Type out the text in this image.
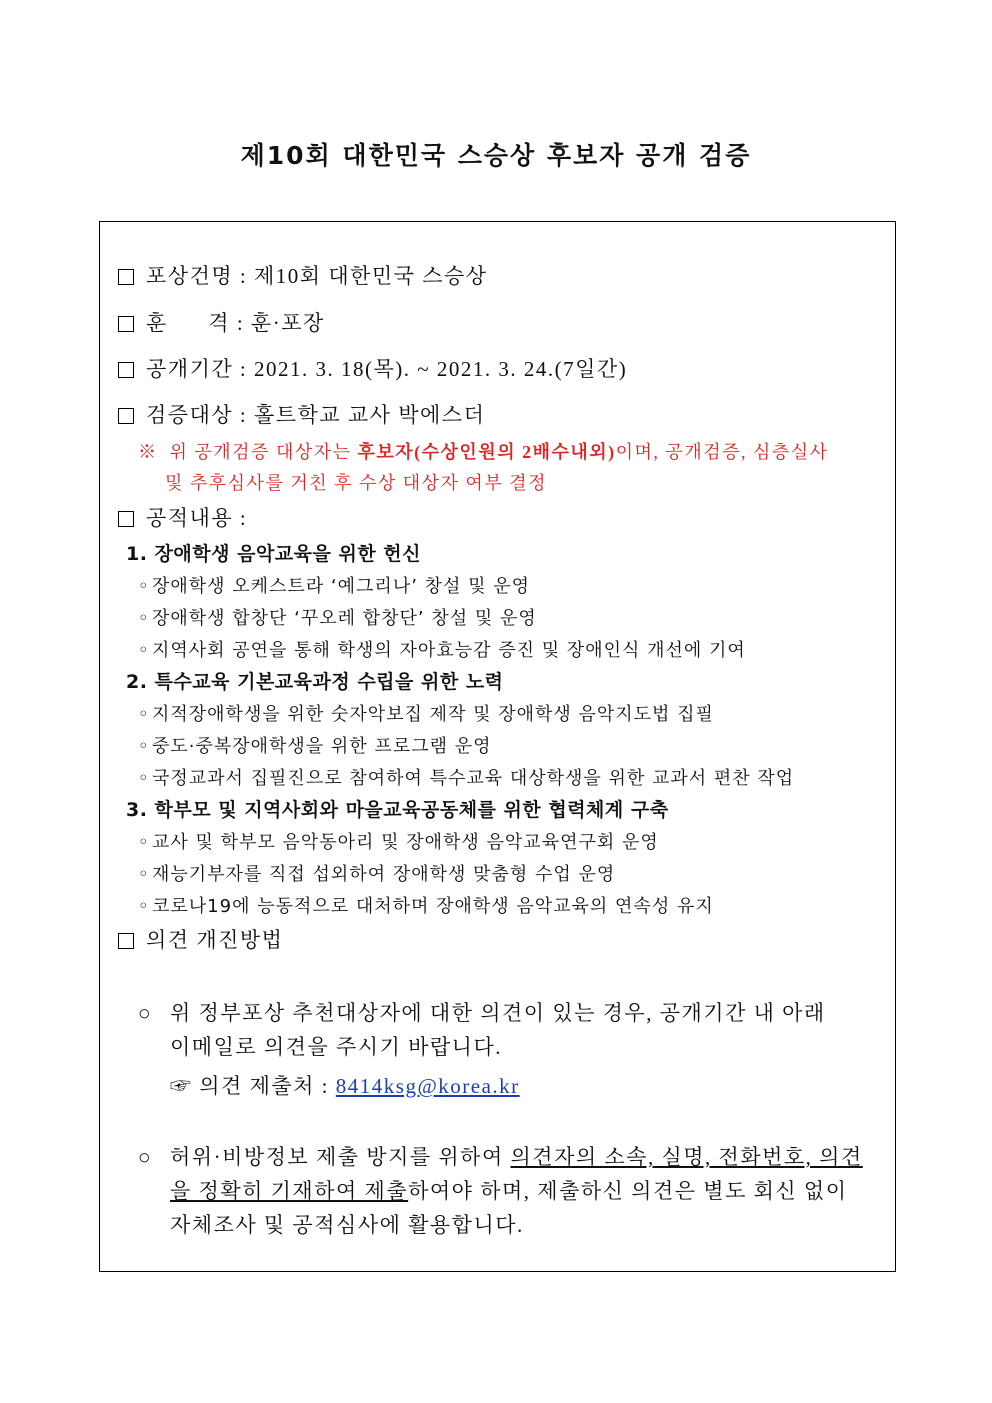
제10회 대한민국 스승상 후보자 공개 검증
포상건명 : 제10회 대한민국 스승상
훈      격 : 훈·포장
공개기간 : 2021. 3. 18(목). ~ 2021. 3. 24.(7일간)
검증대상 : 홀트학교 교사 박에스더
※ 위 공개검증 대상자는 후보자(수상인원의 2배수내외)이며, 공개검증, 심층실사
및 추후심사를 거친 후 수상 대상자 여부 결정
공적내용 :
1. 장애학생 음악교육을 위한 헌신
◦ 장애학생 오케스트라 ‘예그리나’ 창설 및 운영
◦ 장애학생 합창단 ‘꾸오레 합창단’ 창설 및 운영
◦ 지역사회 공연을 통해 학생의 자아효능감 증진 및 장애인식 개선에 기여
2. 특수교육 기본교육과정 수립을 위한 노력
◦ 지적장애학생을 위한 숫자악보집 제작 및 장애학생 음악지도법 집필
◦ 중도·중복장애학생을 위한 프로그램 운영
◦ 국정교과서 집필진으로 참여하여 특수교육 대상학생을 위한 교과서 편찬 작업
3. 학부모 및 지역사회와 마을교육공동체를 위한 협력체계 구축
◦ 교사 및 학부모 음악동아리 및 장애학생 음악교육연구회 운영
◦ 재능기부자를 직접 섭외하여 장애학생 맞춤형 수업 운영
◦ 코로나19에 능동적으로 대처하며 장애학생 음악교육의 연속성 유지
의견 개진방법
○ 위 정부포상 추천대상자에 대한 의견이 있는 경우, 공개기간 내 아래
이메일로 의견을 주시기 바랍니다.
☞ 의견 제출처 : 8414ksg@korea.kr
○ 허위·비방정보 제출 방지를 위하여 의견자의 소속, 실명, 전화번호, 의견
을 정확히 기재하여 제출하여야 하며, 제출하신 의견은 별도 회신 없이
자체조사 및 공적심사에 활용합니다.
